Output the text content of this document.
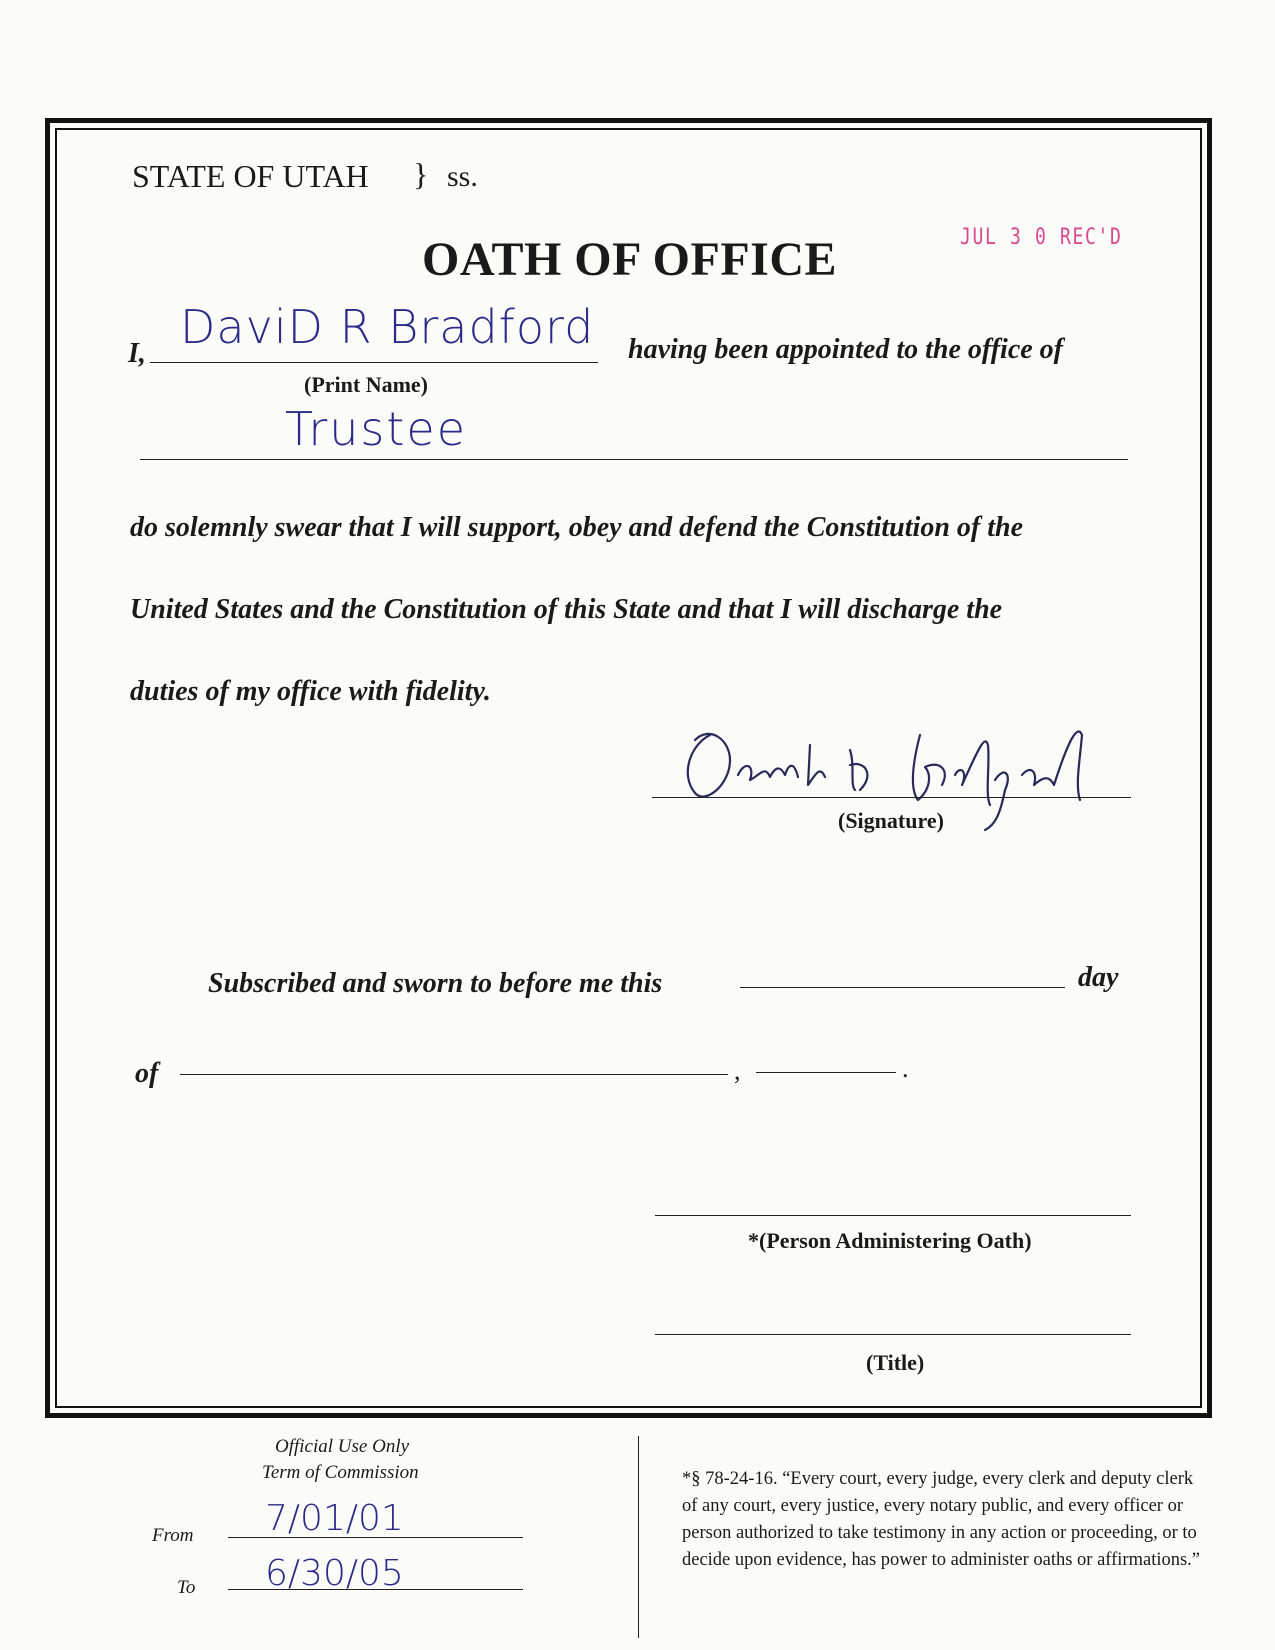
STATE OF UTAH } ss.
OATH OF OFFICE	JUL 3 0 REC'D
I, DaviD R Bradford having been appointed to the office of
(Print Name)
Trustee
do solemnly swear that I will support, obey and defend the Constitution of the
United States and the Constitution of this State and that I will discharge the
duties of my office with fidelity.
(Signature)
Subscribed and sworn to before me this	day
of	,	.
*(Person Administering Oath)
(Title)
Official Use Only
Term of Commission
From 7/01/01
To 6/30/05
*§ 78-24-16. “Every court, every judge, every clerk and deputy clerk of any court, every justice, every notary public, and every officer or person authorized to take testimony in any action or proceeding, or to decide upon evidence, has power to administer oaths or affirmations.”
